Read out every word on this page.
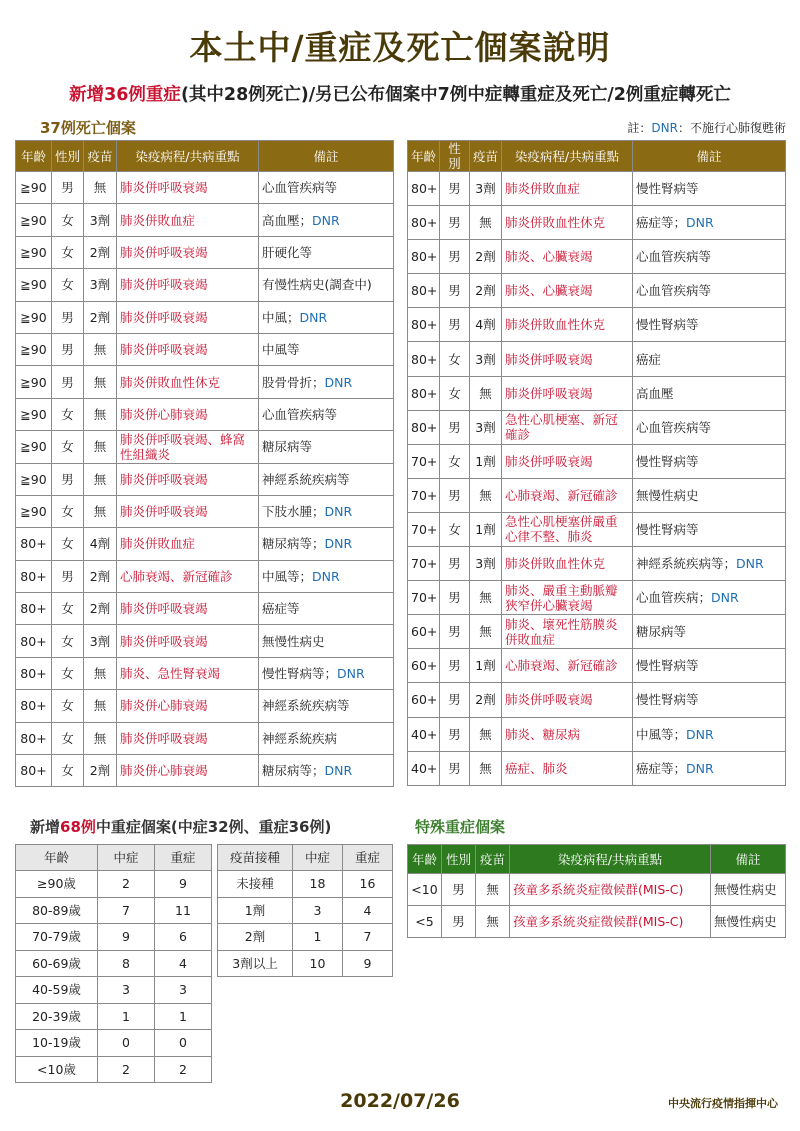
本土中/重症及死亡個案說明
新增36例重症(其中28例死亡)/另已公布個案中7例中症轉重症及死亡/2例重症轉死亡
37例死亡個案	註：DNR：不施行心肺復甦術
年齡	性別	疫苗	染疫病程/共病重點	備註
≧90	男	無	肺炎併呼吸衰竭	心血管疾病等
≧90	女	3劑	肺炎併敗血症	高血壓；DNR
≧90	女	2劑	肺炎併呼吸衰竭	肝硬化等
≧90	女	3劑	肺炎併呼吸衰竭	有慢性病史(調查中)
≧90	男	2劑	肺炎併呼吸衰竭	中風；DNR
≧90	男	無	肺炎併呼吸衰竭	中風等
≧90	男	無	肺炎併敗血性休克	股骨骨折；DNR
≧90	女	無	肺炎併心肺衰竭	心血管疾病等
≧90	女	無	肺炎併呼吸衰竭、蜂窩性組織炎	糖尿病等
≧90	男	無	肺炎併呼吸衰竭	神經系統疾病等
≧90	女	無	肺炎併呼吸衰竭	下肢水腫；DNR
80+	女	4劑	肺炎併敗血症	糖尿病等；DNR
80+	男	2劑	心肺衰竭、新冠確診	中風等；DNR
80+	女	2劑	肺炎併呼吸衰竭	癌症等
80+	女	3劑	肺炎併呼吸衰竭	無慢性病史
80+	女	無	肺炎、急性腎衰竭	慢性腎病等；DNR
80+	女	無	肺炎併心肺衰竭	神經系統疾病等
80+	女	無	肺炎併呼吸衰竭	神經系統疾病
80+	女	2劑	肺炎併心肺衰竭	糖尿病等；DNR
年齡	性別	疫苗	染疫病程/共病重點	備註
80+	男	3劑	肺炎併敗血症	慢性腎病等
80+	男	無	肺炎併敗血性休克	癌症等；DNR
80+	男	2劑	肺炎、心臟衰竭	心血管疾病等
80+	男	2劑	肺炎、心臟衰竭	心血管疾病等
80+	男	4劑	肺炎併敗血性休克	慢性腎病等
80+	女	3劑	肺炎併呼吸衰竭	癌症
80+	女	無	肺炎併呼吸衰竭	高血壓
80+	男	3劑	急性心肌梗塞、新冠確診	心血管疾病等
70+	女	1劑	肺炎併呼吸衰竭	慢性腎病等
70+	男	無	心肺衰竭、新冠確診	無慢性病史
70+	女	1劑	急性心肌梗塞併嚴重心律不整、肺炎	慢性腎病等
70+	男	3劑	肺炎併敗血性休克	神經系統疾病等；DNR
70+	男	無	肺炎、嚴重主動脈瓣狹窄併心臟衰竭	心血管疾病；DNR
60+	男	無	肺炎、壞死性筋膜炎併敗血症	糖尿病等
60+	男	1劑	心肺衰竭、新冠確診	慢性腎病等
60+	男	2劑	肺炎併呼吸衰竭	慢性腎病等
40+	男	無	肺炎、糖尿病	中風等；DNR
40+	男	無	癌症、肺炎	癌症等；DNR
新增68例中重症個案(中症32例、重症36例)
年齡	中症	重症
≥90歲	2	9
80-89歲	7	11
70-79歲	9	6
60-69歲	8	4
40-59歲	3	3
20-39歲	1	1
10-19歲	0	0
<10歲	2	2
疫苗接種	中症	重症
未接種	18	16
1劑	3	4
2劑	1	7
3劑以上	10	9
特殊重症個案
年齡	性別	疫苗	染疫病程/共病重點	備註
<10	男	無	孩童多系統炎症徵候群(MIS-C)	無慢性病史
<5	男	無	孩童多系統炎症徵候群(MIS-C)	無慢性病史
2022/07/26	中央流行疫情指揮中心
